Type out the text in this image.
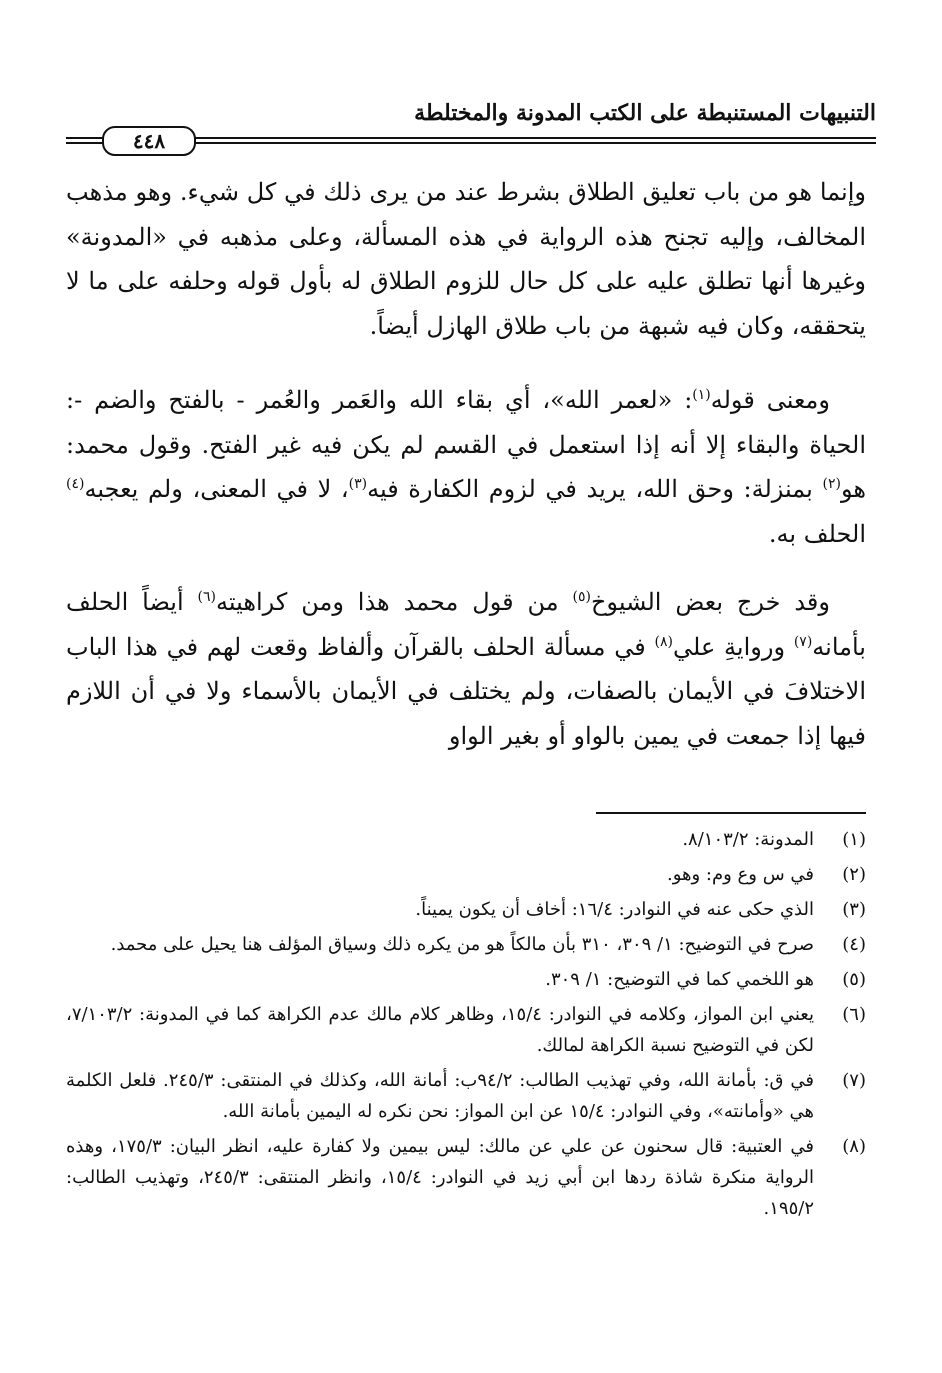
التنبيهات المستنبطة على الكتب المدونة والمختلطة
٤٤٨

وإنما هو من باب تعليق الطلاق بشرط عند من يرى ذلك في كل شيء. وهو مذهب المخالف، وإليه تجنح هذه الرواية في هذه المسألة، وعلى مذهبه في «المدونة» وغيرها أنها تطلق عليه على كل حال للزوم الطلاق له بأول قوله وحلفه على ما لا يتحققه، وكان فيه شبهة من باب طلاق الهازل أيضاً.

ومعنى قوله$^{(١)}$: «لعمر الله»، أي بقاء الله والعَمر والعُمر - بالفتح والضم -: الحياة والبقاء إلا أنه إذا استعمل في القسم لم يكن فيه غير الفتح. وقول محمد: هو$^{(٢)}$ بمنزلة: وحق الله، يريد في لزوم الكفارة فيه$^{(٣)}$، لا في المعنى، ولم يعجبه$^{(٤)}$ الحلف به.

وقد خرج بعض الشيوخ$^{(٥)}$ من قول محمد هذا ومن كراهيته$^{(٦)}$ أيضاً الحلف بأمانه$^{(٧)}$ وروايةِ علي$^{(٨)}$ في مسألة الحلف بالقرآن وألفاظ وقعت لهم في هذا الباب الاختلافَ في الأيمان بالصفات، ولم يختلف في الأيمان بالأسماء ولا في أن اللازم فيها إذا جمعت في يمين بالواو أو بغير الواو

(١)
المدونة: ٨/١٠٣/٢.

(٢)
في س وع وم: وهو.

(٣)
الذي حكى عنه في النوادر: ١٦/٤: أخاف أن يكون يميناً.

(٤)
صرح في التوضيح: ١/ ٣٠٩، ٣١٠ بأن مالكاً هو من يكره ذلك وسياق المؤلف هنا يحيل على محمد.

(٥)
هو اللخمي كما في التوضيح: ١/ ٣٠٩.

(٦)
يعني ابن المواز، وكلامه في النوادر: ١٥/٤، وظاهر كلام مالك عدم الكراهة كما في المدونة: ٧/١٠٣/٢، لكن في التوضيح نسبة الكراهة لمالك.

(٧)
في ق: بأمانة الله، وفي تهذيب الطالب: ٩٤/٢ب: أمانة الله، وكذلك في المنتقى: ٢٤٥/٣. فلعل الكلمة هي «وأمانته»، وفي النوادر: ١٥/٤ عن ابن المواز: نحن نكره له اليمين بأمانة الله.

(٨)
في العتبية: قال سحنون عن علي عن مالك: ليس بيمين ولا كفارة عليه، انظر البيان: ١٧٥/٣، وهذه الرواية منكرة شاذة ردها ابن أبي زيد في النوادر: ١٥/٤، وانظر المنتقى: ٢٤٥/٣، وتهذيب الطالب: ١٩٥/٢.
